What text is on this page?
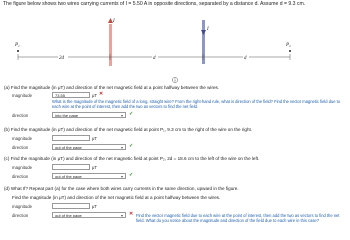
The figure below shows two wires carrying currents of I = 5.50 A in opposite directions, separated by a distance d. Assume d = 9.3 cm.
$P_1$
I
I
$P_2$
2d	d	d
(a) Find the magnitude (in μT) and direction of the net magnetic field at a point halfway between the wires.
magnitude	73.55	μT ✕
What is the magnitude of the magnetic field of a long, straight wire? From the right-hand rule, what is direction of the field? Find the vector magnetic field due to each wire at the point of interest, then add the two as vectors to find the net field.
direction	into the page ▾	✓
(b) Find the magnitude (in μT) and direction of the net magnetic field at point P₁, 9.3 cm to the right of the wire on the right.
magnitude	μT
direction	out of the page ▾	✓
(c) Find the magnitude (in μT) and direction of the net magnetic field at point P₂, 2d = 18.6 cm to the left of the wire on the left.
magnitude	μT
direction	out of the page ▾	✓
(d) What If? Repeat part (a) for the case where both wires carry currents in the same direction, upward in the figure.
Find the magnitude (in μT) and direction of the net magnetic field at a point halfway between the wires.
magnitude	μT
direction	out of the page ▾	✕ Find the vector magnetic field due to each wire at the point of interest, then add the two as vectors to find the net field. What do you notice about the magnitude and direction of the field due to each wire in this case?
